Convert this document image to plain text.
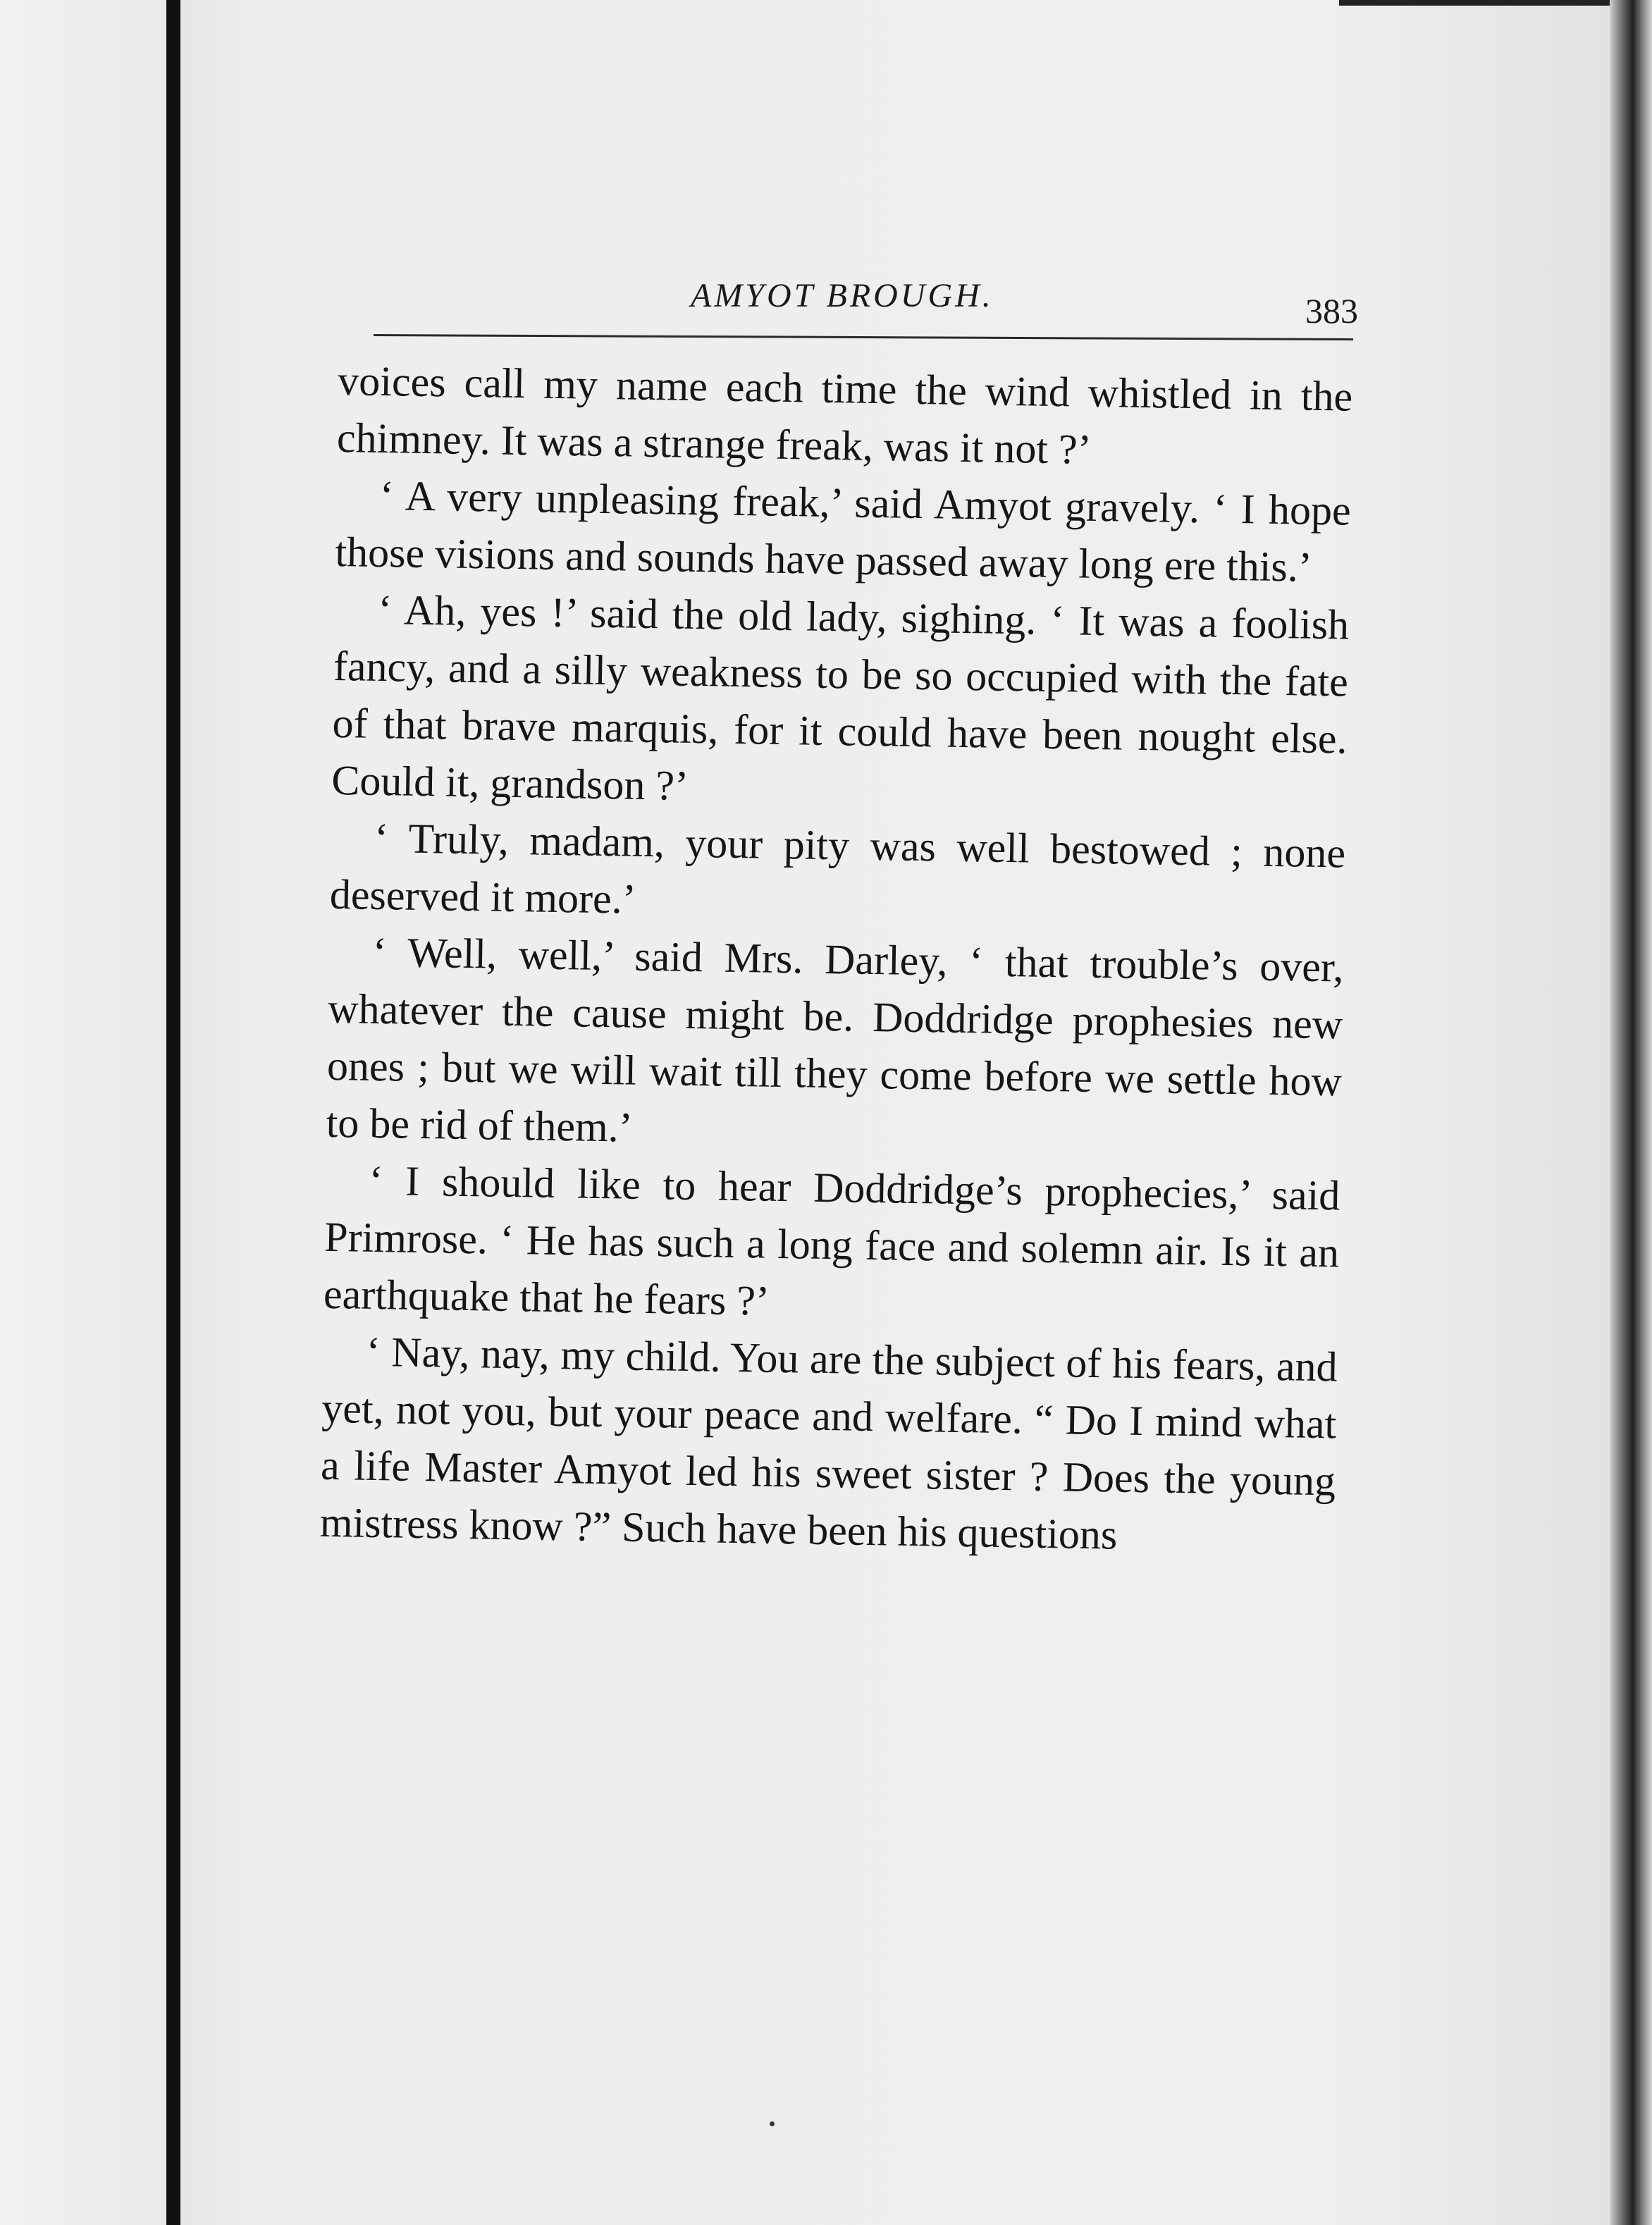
AMYOT BROUGH.	383

voices call my name each time the wind whistled in the chimney. It was a strange freak, was it not ?’

‘ A very unpleasing freak,’ said Amyot gravely. ‘ I hope those visions and sounds have passed away long ere this.’

‘ Ah, yes !’ said the old lady, sighing. ‘ It was a foolish fancy, and a silly weakness to be so occupied with the fate of that brave marquis, for it could have been nought else. Could it, grandson ?’

‘ Truly, madam, your pity was well bestowed ; none deserved it more.’

‘ Well, well,’ said Mrs. Darley, ‘ that trouble’s over, whatever the cause might be. Doddridge prophesies new ones ; but we will wait till they come before we settle how to be rid of them.’

‘ I should like to hear Doddridge’s prophecies,’ said Primrose. ‘ He has such a long face and solemn air. Is it an earthquake that he fears ?’

‘ Nay, nay, my child. You are the subject of his fears, and yet, not you, but your peace and welfare. “ Do I mind what a life Master Amyot led his sweet sister ? Does the young mistress know ?” Such have been his questions
